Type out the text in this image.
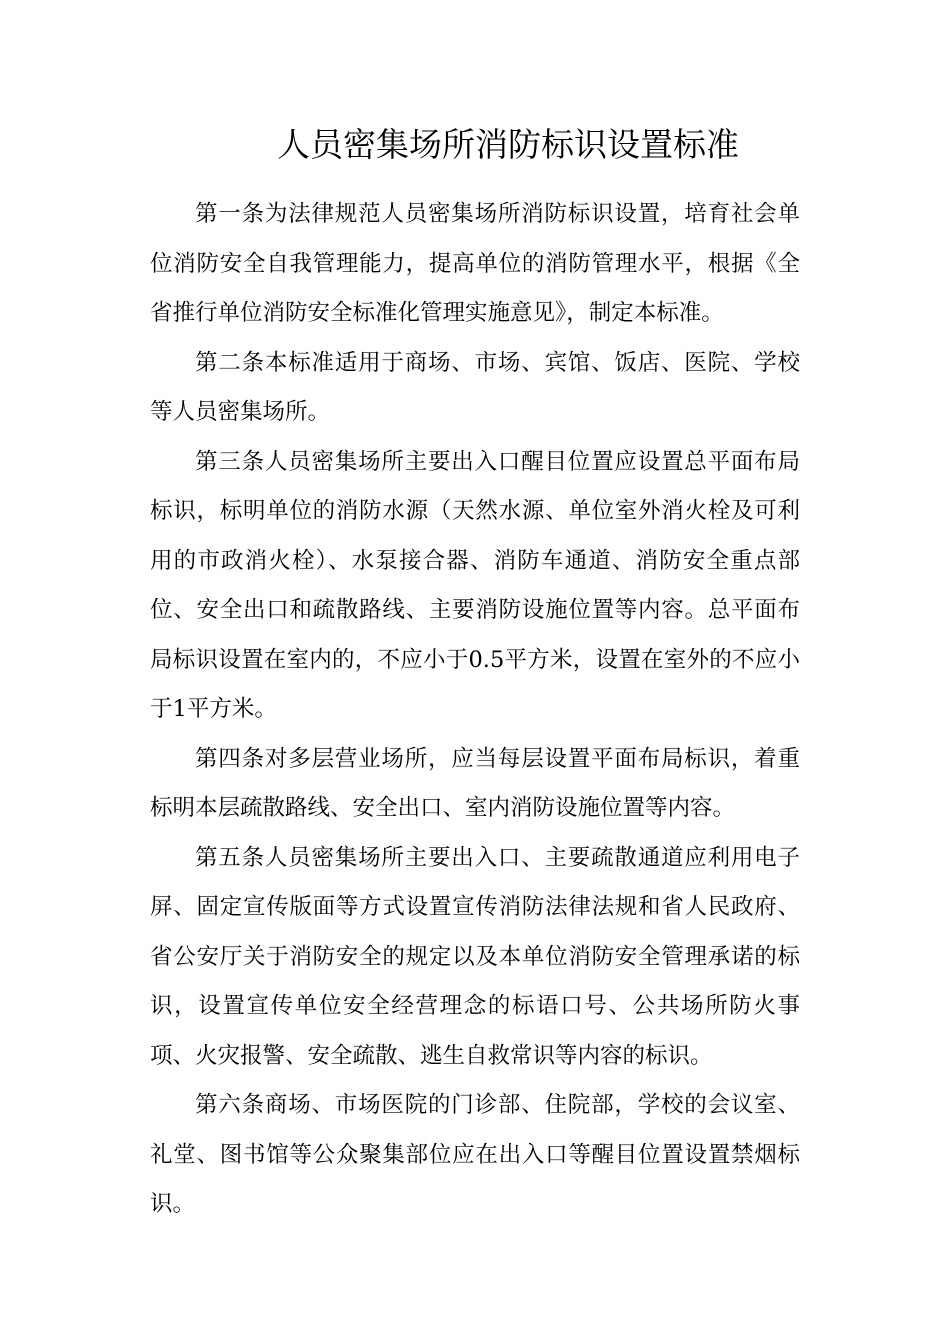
人员密集场所消防标识设置标准

第一条为法律规范人员密集场所消防标识设置，培育社会单位消防安全自我管理能力，提高单位的消防管理水平，根据《全省推行单位消防安全标准化管理实施意见》，制定本标准。

第二条本标准适用于商场、市场、宾馆、饭店、医院、学校等人员密集场所。

第三条人员密集场所主要出入口醒目位置应设置总平面布局标识，标明单位的消防水源（天然水源、单位室外消火栓及可利用的市政消火栓）、水泵接合器、消防车通道、消防安全重点部位、安全出口和疏散路线、主要消防设施位置等内容。总平面布局标识设置在室内的，不应小于0.5平方米，设置在室外的不应小于1平方米。

第四条对多层营业场所，应当每层设置平面布局标识，着重标明本层疏散路线、安全出口、室内消防设施位置等内容。

第五条人员密集场所主要出入口、主要疏散通道应利用电子屏、固定宣传版面等方式设置宣传消防法律法规和省人民政府、省公安厅关于消防安全的规定以及本单位消防安全管理承诺的标识，设置宣传单位安全经营理念的标语口号、公共场所防火事项、火灾报警、安全疏散、逃生自救常识等内容的标识。

第六条商场、市场医院的门诊部、住院部，学校的会议室、礼堂、图书馆等公众聚集部位应在出入口等醒目位置设置禁烟标识。
